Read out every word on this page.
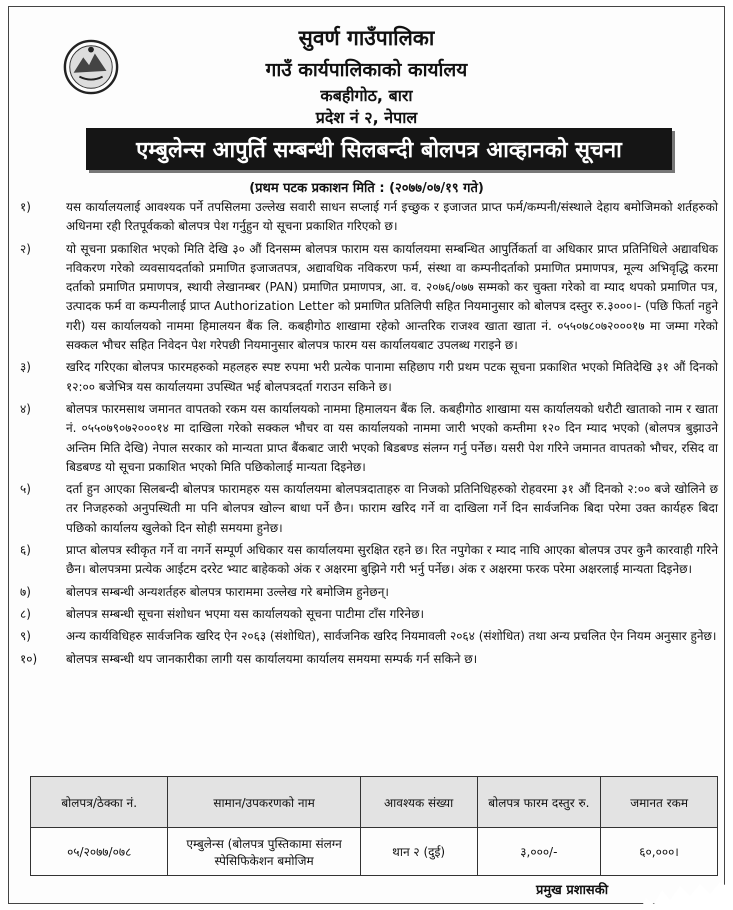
सुवर्ण गाउँपालिका
गाउँ कार्यपालिकाको कार्यालय
कबहीगोठ, बारा
प्रदेश नं २, नेपाल
एम्बुलेन्स आपुर्ति सम्बन्धी सिलबन्दी बोलपत्र आव्हानको सूचना
(प्रथम पटक प्रकाशन मिति : (२०७७/०७/१९ गते)
१)	यस कार्यालयलाई आवश्यक पर्ने तपसिलमा उल्लेख सवारी साधन सप्लाई गर्न इच्छुक र इजाजत प्राप्त फर्म/कम्पनी/संस्थाले देहाय बमोजिमको शर्तहरुको अधिनमा रही रितपूर्वकको बोलपत्र पेश गर्नुहुन यो सूचना प्रकाशित गरिएको छ।
२)	यो सूचना प्रकाशित भएको मिति देखि ३० औं दिनसम्म बोलपत्र फाराम यस कार्यालयमा सम्बन्धित आपुर्तिकर्ता वा अधिकार प्राप्त प्रतिनिधिले अद्यावधिक नविकरण गरेको व्यवसायदर्ताको प्रमाणित इजाजतपत्र, अद्यावधिक नविकरण फर्म, संस्था वा कम्पनीदर्ताको प्रमाणित प्रमाणपत्र, मूल्य अभिवृद्धि करमा दर्ताको प्रमाणित प्रमाणपत्र, स्थायी लेखानम्बर (PAN) प्रमाणित प्रमाणपत्र, आ. व. २०७६/०७७ सम्मको कर चुक्ता गरेको वा म्याद थपको प्रमाणित पत्र, उत्पादक फर्म वा कम्पनीलाई प्राप्त Authorization Letter को प्रमाणित प्रतिलिपी सहित नियमानुसार को बोलपत्र दस्तुर रु.३०००।- (पछि फिर्ता नहुने गरी) यस कार्यालयको नाममा हिमालयन बैंक लि. कबहीगोठ शाखामा रहेको आन्तरिक राजश्व खाता खाता नं. ०५५०७८०७२०००१७ मा जम्मा गरेको सक्कल भौचर सहित निवेदन पेश गरेपछी नियमानुसार बोलपत्र फारम यस कार्यालयबाट उपलब्ध गराइने छ।
३)	खरिद गरिएका बोलपत्र फारमहरुको महलहरु स्पष्ट रुपमा भरी प्रत्येक पानामा सहिछाप गरी प्रथम पटक सूचना प्रकाशित भएको मितिदेखि ३१ औं दिनको १२:०० बजेभित्र यस कार्यालयमा उपस्थित भई बोलपत्रदर्ता गराउन सकिने छ।
४)	बोलपत्र फारमसाथ जमानत वापतको रकम यस कार्यालयको नाममा हिमालयन बैंक लि. कबहीगोठ शाखामा यस कार्यालयको धरौटी खाताको नाम र खाता नं. ०५५०७९०७२०००१४ मा दाखिला गरेको सक्कल भौचर वा यस कार्यालयको नाममा जारी भएको कम्तीमा १२० दिन म्याद भएको (बोलपत्र बुझाउने अन्तिम मिति देखि) नेपाल सरकार को मान्यता प्राप्त बैंकबाट जारी भएको बिडबण्ड संलग्न गर्नु पर्नेछ। यसरी पेश गरिने जमानत वापतको भौचर, रसिद वा बिडबण्ड यो सूचना प्रकाशित भएको मिति पछिकोलाई मान्यता दिइनेछ।
५)	दर्ता हुन आएका सिलबन्दी बोलपत्र फारामहरु यस कार्यालयमा बोलपत्रदाताहरु वा निजको प्रतिनिधिहरुको रोहवरमा ३१ औं दिनको २:०० बजे खोलिने छ तर निजहरुको अनुपस्थिती मा पनि बोलपत्र खोल्न बाधा पर्ने छैन। फाराम खरिद गर्ने वा दाखिला गर्ने दिन सार्वजनिक बिदा परेमा उक्त कार्यहरु बिदा पछिको कार्यालय खुलेको दिन सोही समयमा हुनेछ।
६)	प्राप्त बोलपत्र स्वीकृत गर्ने वा नगर्ने सम्पूर्ण अधिकार यस कार्यालयमा सुरक्षित रहने छ। रित नपुगेका र म्याद नाघि आएका बोलपत्र उपर कुनै कारवाही गरिने छैन। बोलपत्रमा प्रत्येक आईटम दररेट भ्याट बाहेकको अंक र अक्षरमा बुझिने गरी भर्नु पर्नेछ। अंक र अक्षरमा फरक परेमा अक्षरलाई मान्यता दिइनेछ।
७)	बोलपत्र सम्बन्धी अन्यशर्तहरु बोलपत्र फाराममा उल्लेख गरे बमोजिम हुनेछन्।
८)	बोलपत्र सम्बन्धी सूचना संशोधन भएमा यस कार्यालयको सूचना पाटीमा टाँस गरिनेछ।
९)	अन्य कार्यविधिहरु सार्वजनिक खरिद ऐन २०६३ (संशोधित), सार्वजनिक खरिद नियमावली २०६४ (संशोधित) तथा अन्य प्रचलित ऐन नियम अनुसार हुनेछ।
१०)	बोलपत्र सम्बन्धी थप जानकारीका लागी यस कार्यालयमा कार्यालय समयमा सम्पर्क गर्न सकिने छ।
बोलपत्र/ठेक्का नं.	सामान/उपकरणको नाम	आवश्यक संख्या	बोलपत्र फारम दस्तुर रु.	जमानत रकम
०५/२०७७/०७८	एम्बुलेन्स (बोलपत्र पुस्तिकामा संलग्न स्पेसिफिकेशन बमोजिम	थान २ (दुई)	३,०००/-	६०,०००।
प्रमुख प्रशासकी
